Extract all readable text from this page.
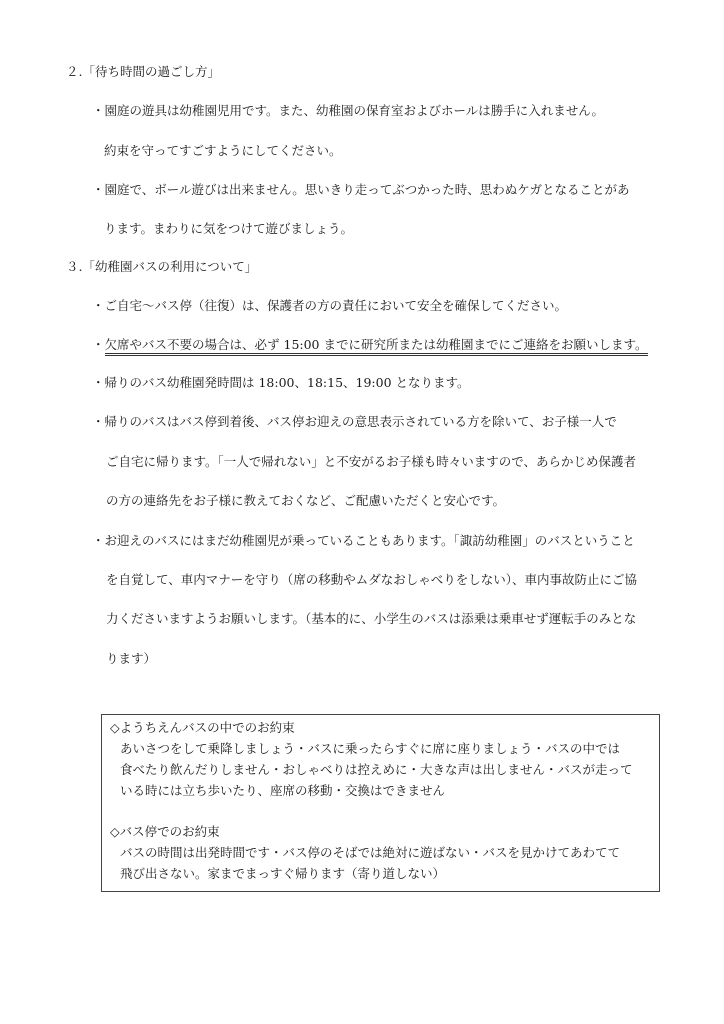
２.「待ち時間の過ごし方」
・園庭の遊具は幼稚園児用です。また、幼稚園の保育室およびホールは勝手に入れません。
約束を守ってすごすようにしてください。
・園庭で、ボール遊びは出来ません。思いきり走ってぶつかった時、思わぬケガとなることがあ
ります。まわりに気をつけて遊びましょう。
３.「幼稚園バスの利用について」
・ご自宅～バス停（往復）は、保護者の方の責任において安全を確保してください。
・欠席やバス不要の場合は、必ず 15:00 までに研究所または幼稚園までにご連絡をお願いします。
・帰りのバス幼稚園発時間は 18:00、18:15、19:00 となります。
・帰りのバスはバス停到着後、バス停お迎えの意思表示されている方を除いて、お子様一人で
ご自宅に帰ります。「一人で帰れない」と不安がるお子様も時々いますので、あらかじめ保護者
の方の連絡先をお子様に教えておくなど、ご配慮いただくと安心です。
・お迎えのバスにはまだ幼稚園児が乗っていることもあります。「諏訪幼稚園」のバスということ
を自覚して、車内マナーを守り（席の移動やムダなおしゃべりをしない）、車内事故防止にご協
力くださいますようお願いします。（基本的に、小学生のバスは添乗は乗車せず運転手のみとな
ります）
◇ようちえんバスの中でのお約束
あいさつをして乗降しましょう・バスに乗ったらすぐに席に座りましょう・バスの中では
食べたり飲んだりしません・おしゃべりは控えめに・大きな声は出しません・バスが走って
いる時には立ち歩いたり、座席の移動・交換はできません
◇バス停でのお約束
バスの時間は出発時間です・バス停のそばでは絶対に遊ばない・バスを見かけてあわてて
飛び出さない。家までまっすぐ帰ります（寄り道しない）
